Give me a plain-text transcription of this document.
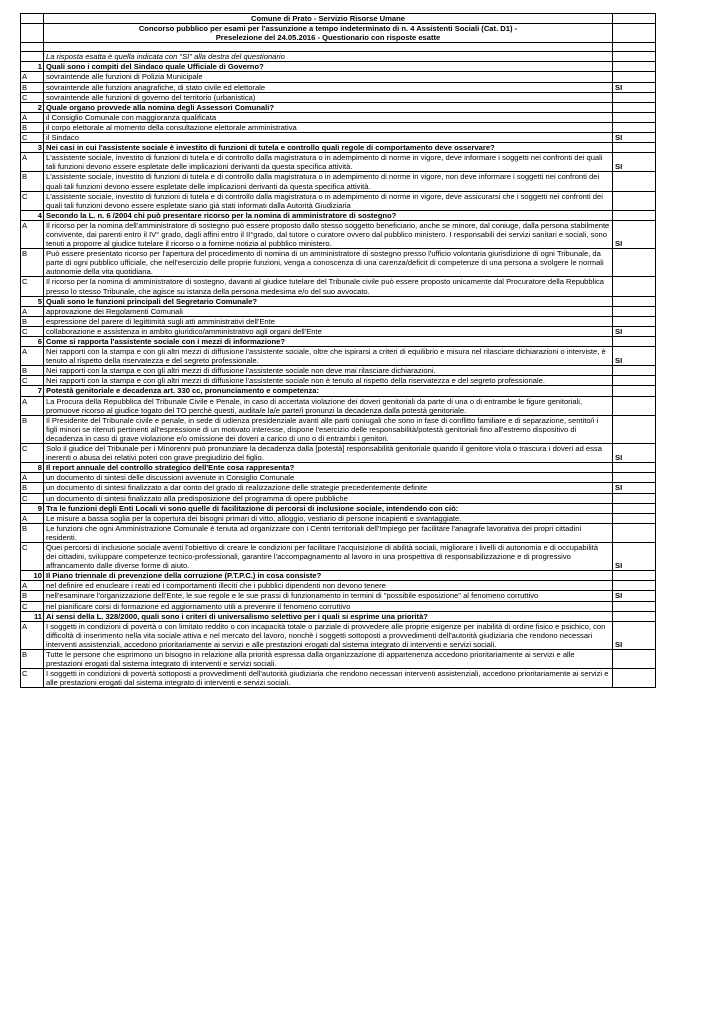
	Comune di Prato - Servizio Risorse Umane	

	Concorso pubblico per esami per l'assunzione a tempo indeterminato di n. 4 Assistenti Sociali (Cat. D1) -
Preselezione del 24.05.2016 - Questionario con risposte esatte	

	La risposta esatta è quella indicata con "SI" alla destra del questionario	
1	Quali sono i compiti del Sindaco quale Ufficiale di Governo?	
A	sovraintende alle funzioni di Polizia Municipale	
B	sovraintende alle funzioni anagrafiche, di stato civile ed elettorale	SI
C	sovraintende alle funzioni di governo del territorio (urbanistica)	
2	Quale organo provvede alla nomina degli Assessori Comunali?	
A	il Consiglio Comunale con maggioranza qualificata	
B	il corpo elettorale al momento della consultazione elettorale amministrativa	
C	il Sindaco	SI
3	Nei casi in cui l'assistente sociale è investito di funzioni di tutela e controllo quali regole di comportamento deve osservare?	
A	L'assistente sociale, investito di funzioni di tutela e di controllo dalla magistratura o in adempimento di norme in vigore, deve informare i soggetti nei confronti dei quali tali funzioni devono essere espletate delle implicazioni derivanti da questa specifica attività.	SI
B	L'assistente sociale, investito di funzioni di tutela e di controllo dalla magistratura o in adempimento di norme in vigore, non deve informare i soggetti nei confronti dei quali tali funzioni devono essere espletate delle implicazioni derivanti da questa specifica attività.	
C	L'assistente sociale, investito di funzioni di tutela e di controllo dalla magistratura o in adempimento di norme in vigore, deve assicurarsi che i soggetti nei confronti dei quali tali funzioni devono essere espletate siano già stati informati dalla Autorità Giudiziaria	
4	Secondo la L. n. 6 /2004 chi può presentare ricorso per la nomina di amministratore di sostegno?	
A	Il ricorso per la nomina dell'amministratore di sostegno può essere proposto dallo stesso soggetto beneficiario, anche se minore, dal coniuge, dalla persona stabilmente convivente, dai parenti entro il IV° grado, dagli affini entro il II°grado, dal tutore o curatore ovvero dal pubblico ministero. I responsabili dei servizi sanitari e sociali, sono tenuti a proporre al giudice tutelare il ricorso o a fornirne notizia al pubblico ministero.	SI
B	Può essere presentato ricorso per l'apertura del procedimento di nomina di un amministratore di sostegno presso l'ufficio volontaria giurisdizione di ogni Tribunale, da parte di ogni pubblico ufficiale, che nell'esercizio delle proprie funzioni, venga a conoscenza di una carenza/deficit di competenze di una persona a svolgere le normali autonomie della vita quotidiana.	
C	Il ricorso per la nomina di amministratore di sostegno, davanti al giudice tutelare del Tribunale civile può essere proposto unicamente dal Procuratore della Repubblica presso lo stesso Tribunale, che agisce su istanza della persona medesima e/o del suo avvocato.	
5	Quali sono le funzioni principali del Segretario Comunale?	
A	approvazione dei Regolamenti Comunali	
B	espressione del parere di legittimità sugli atti amministrativi dell'Ente	
C	collaborazione e assistenza in ambito giuridico/amministrativo agli organi dell'Ente	SI
6	Come si rapporta l'assistente sociale con i mezzi di informazione?	
A	Nei rapporti con la stampa e con gli altri mezzi di diffusione l'assistente sociale, oltre che ispirarsi a criteri di equilibrio e misura nel rilasciare dichiarazioni o interviste, è tenuto al rispetto della riservatezza e del segreto professionale.	SI
B	Nei rapporti con la stampa e con gli altri mezzi di diffusione l'assistente sociale non deve mai rilasciare dichiarazioni.	
C	Nei rapporti con la stampa e con gli altri mezzi di diffusione l'assistente sociale non è tenuto al rispetto della riservatezza e del segreto professionale.	
7	Potestà genitoriale e decadenza art. 330 cc, pronunciamento e competenza:	
A	La Procura della Repubblica del Tribunale Civile e Penale, in caso di accertata violazione dei doveri genitoriali da parte di una o di entrambe le figure genitoriali, promuove ricorso al giudice togato del TO perchè questi, audita/e la/e parte/i pronunzi la decadenza dalla potestà genitoriale.	
B	Il Presidente del Tribunale civile e penale, in sede di udienza presidenziale avanti alle parti coniugali che sono in fase di conflitto familiare e di separazione, sentito/i i figli minori se ritenuti pertinenti all'espressione di un motivato interesse, dispone l'esercizio delle responsabilità/potestà genitoriali fino all'estremo dispositivo di decadenza in caso di grave violazione e/o omissione dei doveri a carico di uno o di entrambi i genitori.	
C	Solo il giudice del Tribunale per i Minorenni può pronunziare la decadenza dalla [potestà] responsabilità genitoriale quando il genitore viola o trascura i doveri ad essa inerenti o abusa dei relativi poteri con grave pregiudizio del figlio.	SI
8	Il report annuale del controllo strategico dell'Ente cosa rappresenta?	
A	un documento di sintesi delle discussioni avvenute in Consiglio Comunale	
B	un documento di sintesi finalizzato a dar conto del grado di realizzazione delle strategie precedentemente definite	SI
C	un documento di sintesi finalizzato alla predisposizione del programma di opere pubbliche	
9	Tra le funzioni degli Enti Locali vi sono quelle di facilitazione di percorsi di inclusione sociale, intendendo con ciò:	
A	Le misure a bassa soglia per la copertura dei bisogni primari di vitto, alloggio, vestiario di persone incapienti e svantaggiate.	
B	Le funzioni che ogni Amministrazione Comunale è tenuta ad organizzare con i Centri territoriali dell'Impiego per facilitare l'anagrafe lavorativa dei propri cittadini residenti.	
C	Quei percorsi di inclusione sociale aventi l'obiettivo di creare le condizioni per facilitare l'acquisizione di abilità sociali, migliorare i livelli di autonomia e di occupabilità dei cittadini, sviluppare competenze tecnico-professionali, garantire l'accompagnamento al lavoro in una prospettiva di responsabilizzazione e di progressivo affrancamento dalle diverse forme di aiuto.	SI
10	Il Piano triennale di prevenzione della corruzione (P.T.P.C.) in cosa consiste?	
A	nel definire ed enucleare i reati ed i comportamenti illeciti che i pubblici dipendenti non devono tenere	
B	nell'esaminare l'organizzazione dell'Ente, le sue regole e le sue prassi di funzionamento in termini di "possibile esposizione" al fenomeno corruttivo	SI
C	nel pianificare corsi di formazione ed aggiornamento utili a prevenire il fenomeno corruttivo	
11	Ai sensi della L. 328/2000, quali sono i criteri di universalismo selettivo per i quali si esprime una priorità?	
A	I soggetti in condizioni di povertà o con limitato reddito o con incapacità totale o parziale di provvedere alle proprie esigenze per inabilità di ordine fisico e psichico, con difficoltà di inserimento nella vita sociale attiva e nel mercato del lavoro, nonchè i soggetti sottoposti a provvedimenti dell'autorità giudiziaria che rendono necessari interventi assistenziali, accedono prioritariamente ai servizi e alle prestazioni erogati dal sistema integrato di interventi e servizi sociali.	SI
B	Tutte le persone che esprimono un bisogno in relazione alla priorità espressa dalla organizzazione di appartenenza accedono prioritariamente ai servizi e alle prestazioni erogati dal sistema integrato di interventi e servizi sociali.	
C	I soggetti in condizioni di povertà sottoposti a provvedimenti dell'autorità giudiziaria che rendono necessari interventi assistenziali, accedono prioritariamente ai servizi e alle prestazioni erogati dal sistema integrato di interventi e servizi sociali.	
